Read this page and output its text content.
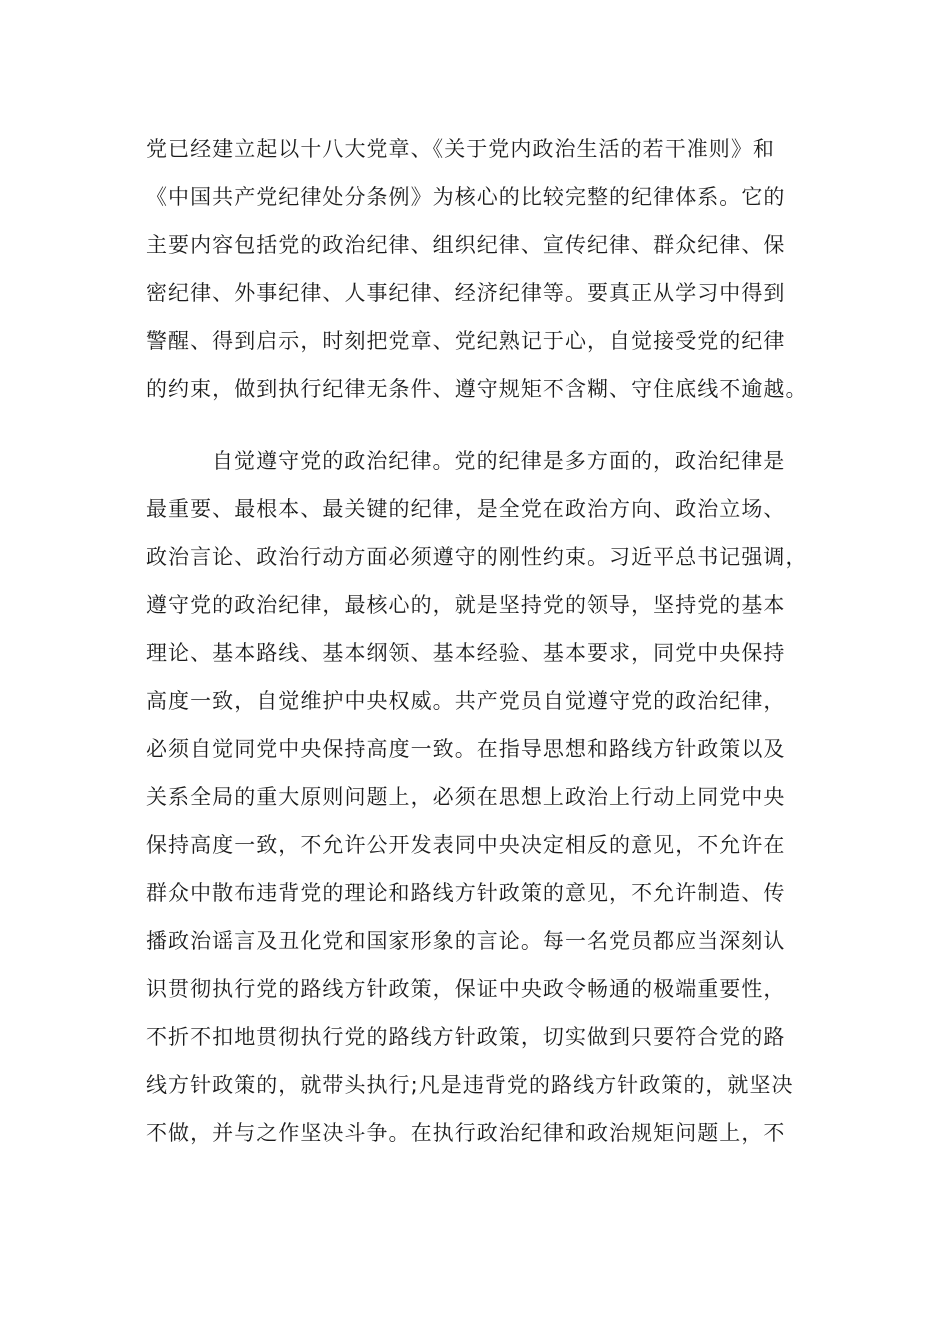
党已经建立起以十八大党章、《关于党内政治生活的若干准则》和
《中国共产党纪律处分条例》为核心的比较完整的纪律体系。它的
主要内容包括党的政治纪律、组织纪律、宣传纪律、群众纪律、保
密纪律、外事纪律、人事纪律、经济纪律等。要真正从学习中得到
警醒、得到启示，时刻把党章、党纪熟记于心，自觉接受党的纪律
的约束，做到执行纪律无条件、遵守规矩不含糊、守住底线不逾越。
自觉遵守党的政治纪律。党的纪律是多方面的，政治纪律是
最重要、最根本、最关键的纪律，是全党在政治方向、政治立场、
政治言论、政治行动方面必须遵守的刚性约束。习近平总书记强调，
遵守党的政治纪律，最核心的，就是坚持党的领导，坚持党的基本
理论、基本路线、基本纲领、基本经验、基本要求，同党中央保持
高度一致，自觉维护中央权威。共产党员自觉遵守党的政治纪律，
必须自觉同党中央保持高度一致。在指导思想和路线方针政策以及
关系全局的重大原则问题上，必须在思想上政治上行动上同党中央
保持高度一致，不允许公开发表同中央决定相反的意见，不允许在
群众中散布违背党的理论和路线方针政策的意见，不允许制造、传
播政治谣言及丑化党和国家形象的言论。每一名党员都应当深刻认
识贯彻执行党的路线方针政策，保证中央政令畅通的极端重要性，
不折不扣地贯彻执行党的路线方针政策，切实做到只要符合党的路
线方针政策的，就带头执行;凡是违背党的路线方针政策的，就坚决
不做，并与之作坚决斗争。在执行政治纪律和政治规矩问题上，不
